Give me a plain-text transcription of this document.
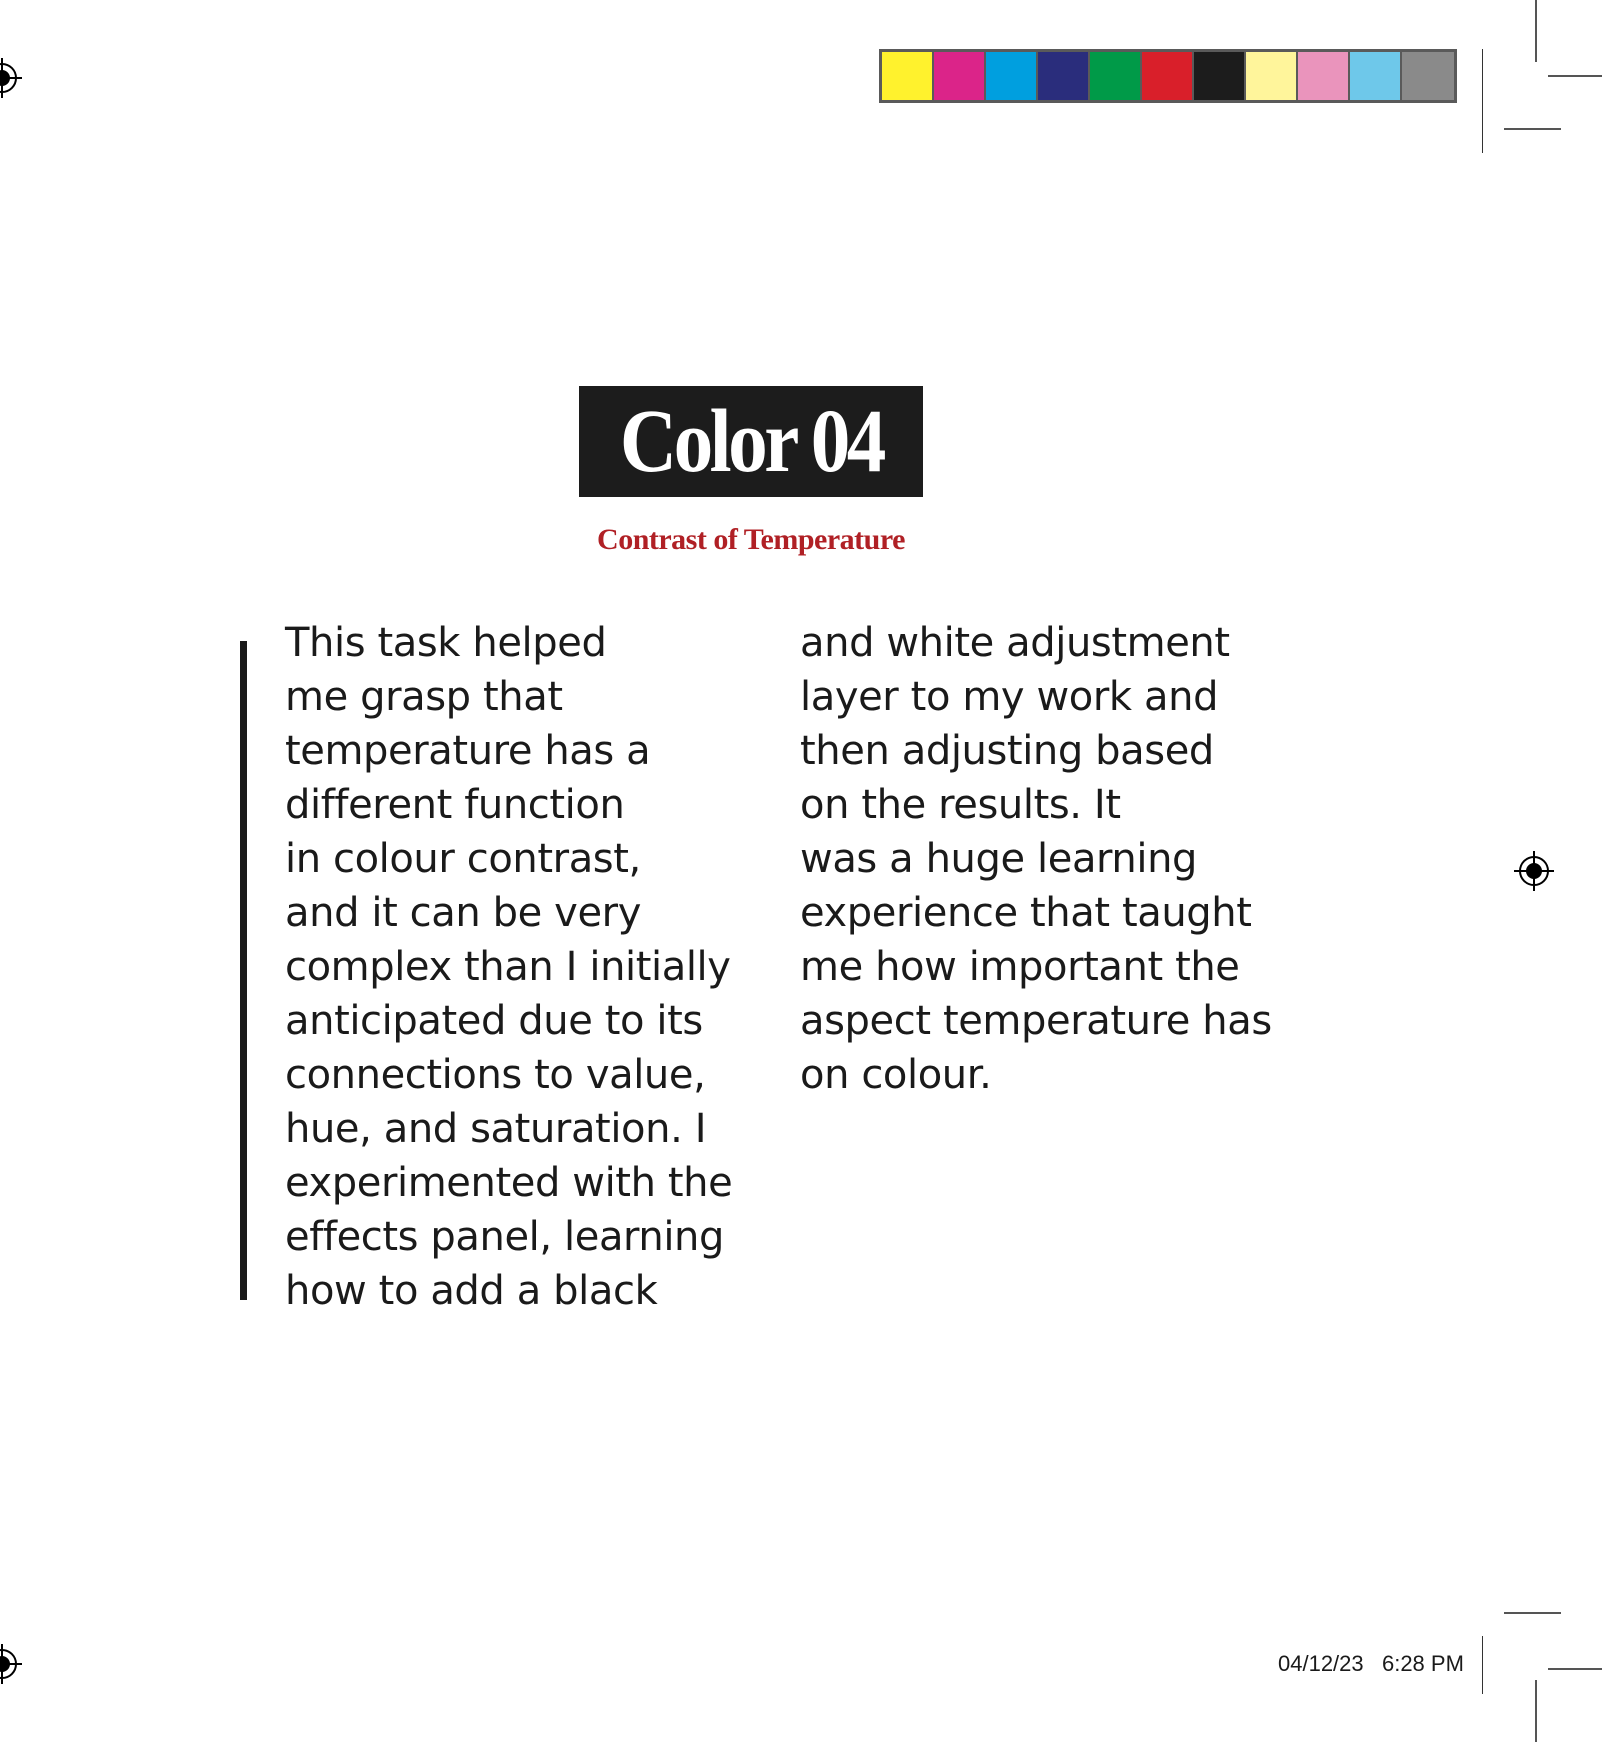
Color 04
Contrast of Temperature
This task helped
me grasp that
temperature has a
different function
in colour contrast,
and it can be very
complex than I initially
anticipated due to its
connections to value,
hue, and saturation. I
experimented with the
effects panel, learning
how to add a black
and white adjustment
layer to my work and
then adjusting based
on the results. It
was a huge learning
experience that taught
me how important the
aspect temperature has
on colour.
04/12/23   6:28 PM
